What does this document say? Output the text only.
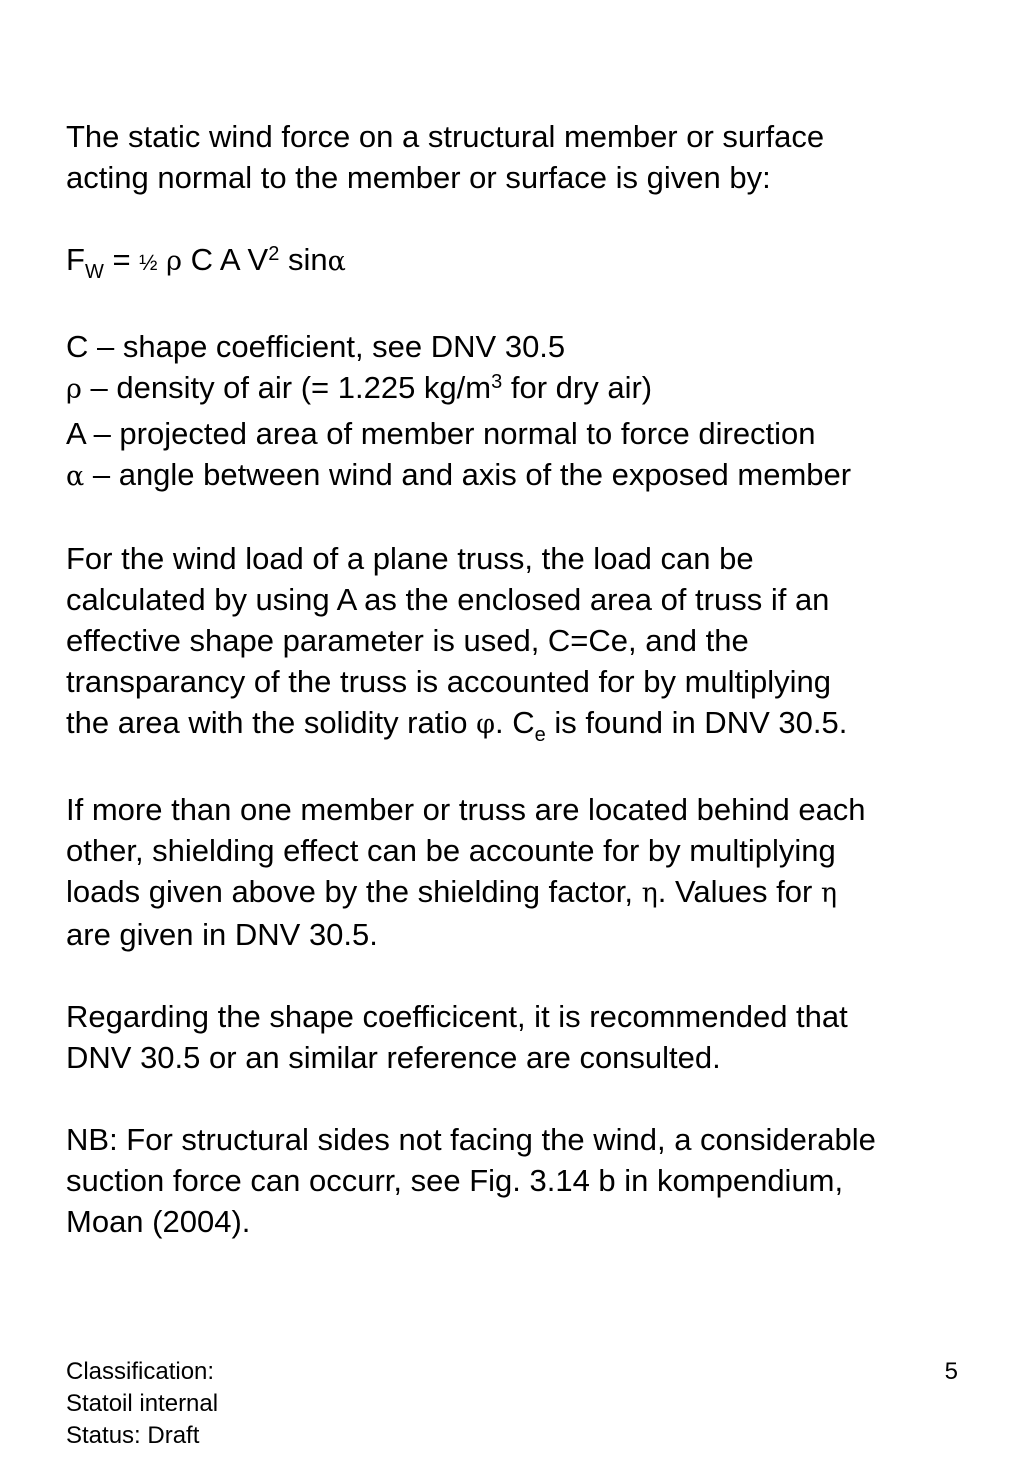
The static wind force on a structural member or surface
acting normal to the member or surface is given by:
$F_W$ = ½ ρ C A $V^2$ sinα
C – shape coefficient, see DNV 30.5
ρ – density of air (= 1.225 $kg/m^3$ for dry air)
A – projected area of member normal to force direction
α – angle between wind and axis of the exposed member
For the wind load of a plane truss, the load can be
calculated by using A as the enclosed area of truss if an
effective shape parameter is used, C=Ce, and the
transparancy of the truss is accounted for by multiplying
the area with the solidity ratio φ. $C_e$ is found in DNV 30.5.
If more than one member or truss are located behind each
other, shielding effect can be accounte for by multiplying
loads given above by the shielding factor, η. Values for η
are given in DNV 30.5.
Regarding the shape coefficicent, it is recommended that
DNV 30.5 or an similar reference are consulted.
NB: For structural sides not facing the wind, a considerable
suction force can occurr, see Fig. 3.14 b in kompendium,
Moan (2004).
Classification:
Statoil internal
Status: Draft
5
